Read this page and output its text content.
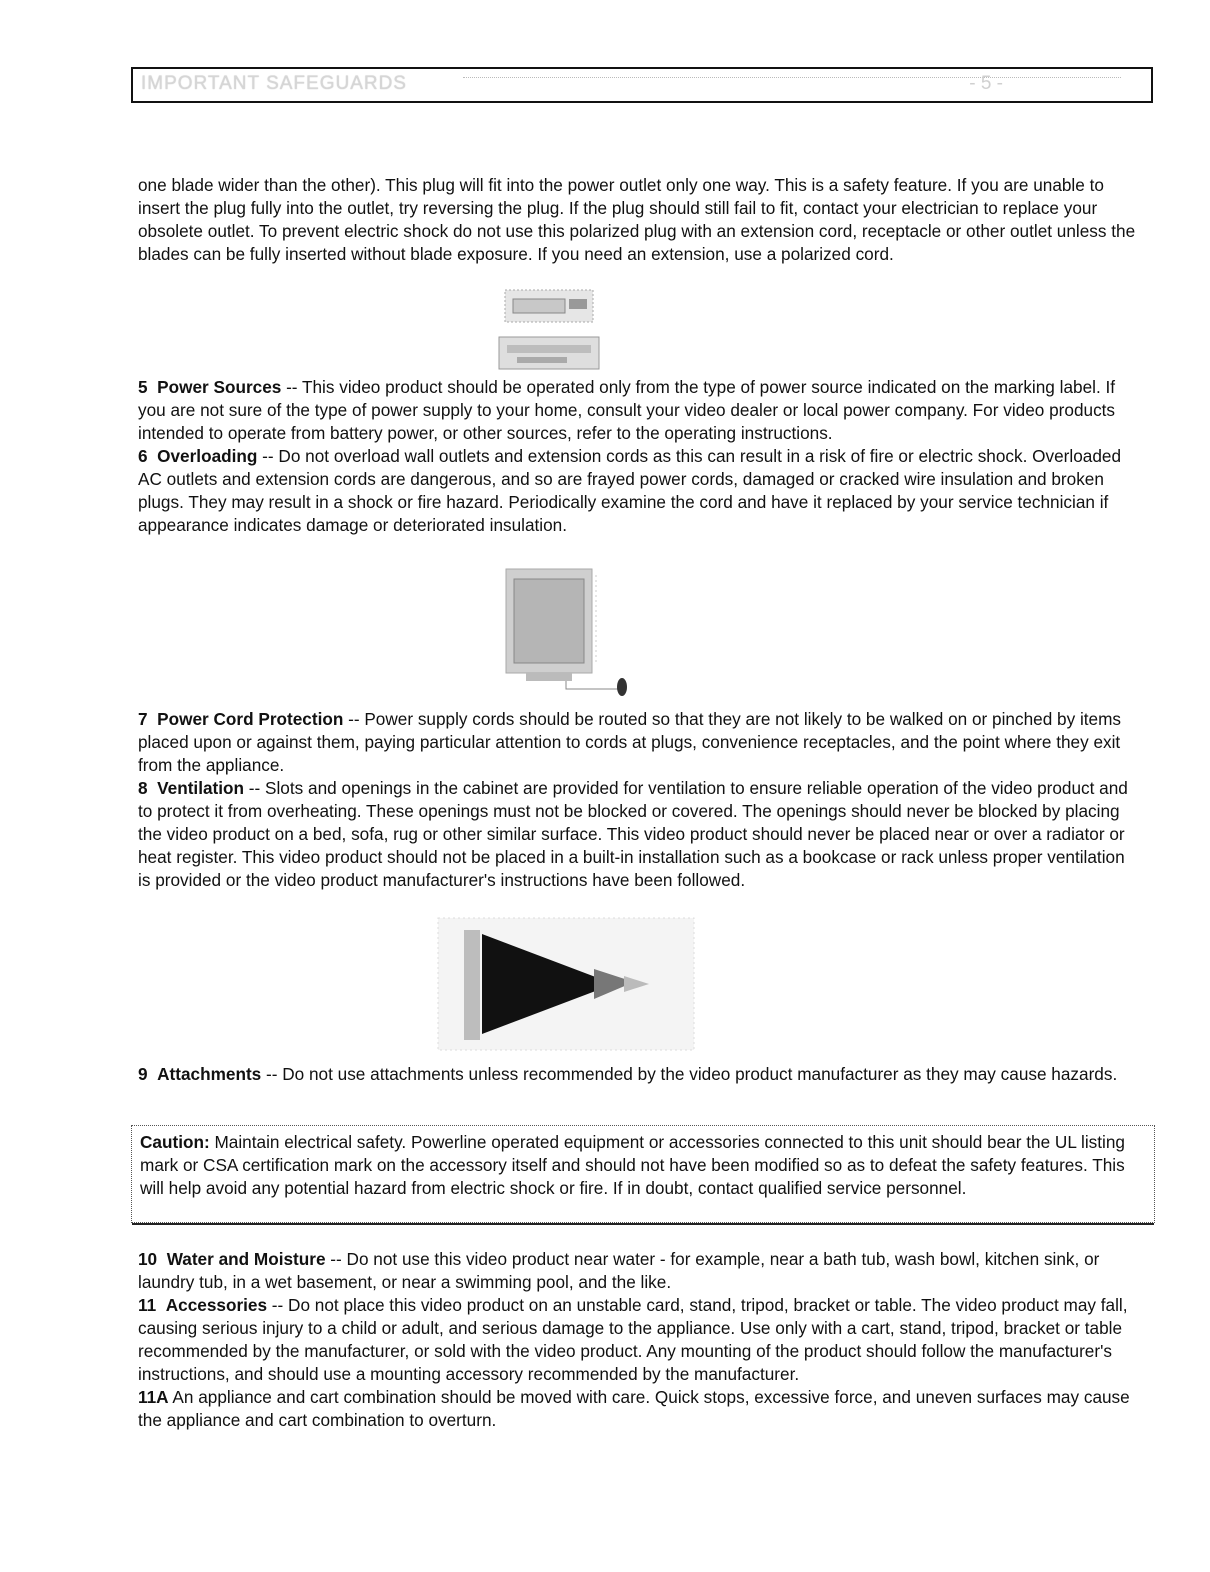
IMPORTANT SAFEGUARDS	- 5 -

one blade wider than the other). This plug will fit into the power outlet only one way. This is a safety feature. If you are unable to insert the plug fully into the outlet, try reversing the plug. If the plug should still fail to fit, contact your electrician to replace your obsolete outlet. To prevent electric shock do not use this polarized plug with an extension cord, receptacle or other outlet unless the blades can be fully inserted without blade exposure. If you need an extension, use a polarized cord.

5 Power Sources -- This video product should be operated only from the type of power source indicated on the marking label. If you are not sure of the type of power supply to your home, consult your video dealer or local power company. For video products intended to operate from battery power, or other sources, refer to the operating instructions.

6 Overloading -- Do not overload wall outlets and extension cords as this can result in a risk of fire or electric shock. Overloaded AC outlets and extension cords are dangerous, and so are frayed power cords, damaged or cracked wire insulation and broken plugs. They may result in a shock or fire hazard. Periodically examine the cord and have it replaced by your service technician if appearance indicates damage or deteriorated insulation.

7 Power Cord Protection -- Power supply cords should be routed so that they are not likely to be walked on or pinched by items placed upon or against them, paying particular attention to cords at plugs, convenience receptacles, and the point where they exit from the appliance.

8 Ventilation -- Slots and openings in the cabinet are provided for ventilation to ensure reliable operation of the video product and to protect it from overheating. These openings must not be blocked or covered. The openings should never be blocked by placing the video product on a bed, sofa, rug or other similar surface. This video product should never be placed near or over a radiator or heat register. This video product should not be placed in a built-in installation such as a bookcase or rack unless proper ventilation is provided or the video product manufacturer's instructions have been followed.

9 Attachments -- Do not use attachments unless recommended by the video product manufacturer as they may cause hazards.

Caution: Maintain electrical safety. Powerline operated equipment or accessories connected to this unit should bear the UL listing mark or CSA certification mark on the accessory itself and should not have been modified so as to defeat the safety features. This will help avoid any potential hazard from electric shock or fire. If in doubt, contact qualified service personnel.

10 Water and Moisture -- Do not use this video product near water - for example, near a bath tub, wash bowl, kitchen sink, or laundry tub, in a wet basement, or near a swimming pool, and the like.

11 Accessories -- Do not place this video product on an unstable card, stand, tripod, bracket or table. The video product may fall, causing serious injury to a child or adult, and serious damage to the appliance. Use only with a cart, stand, tripod, bracket or table recommended by the manufacturer, or sold with the video product. Any mounting of the product should follow the manufacturer's instructions, and should use a mounting accessory recommended by the manufacturer.

11A An appliance and cart combination should be moved with care. Quick stops, excessive force, and uneven surfaces may cause the appliance and cart combination to overturn.
